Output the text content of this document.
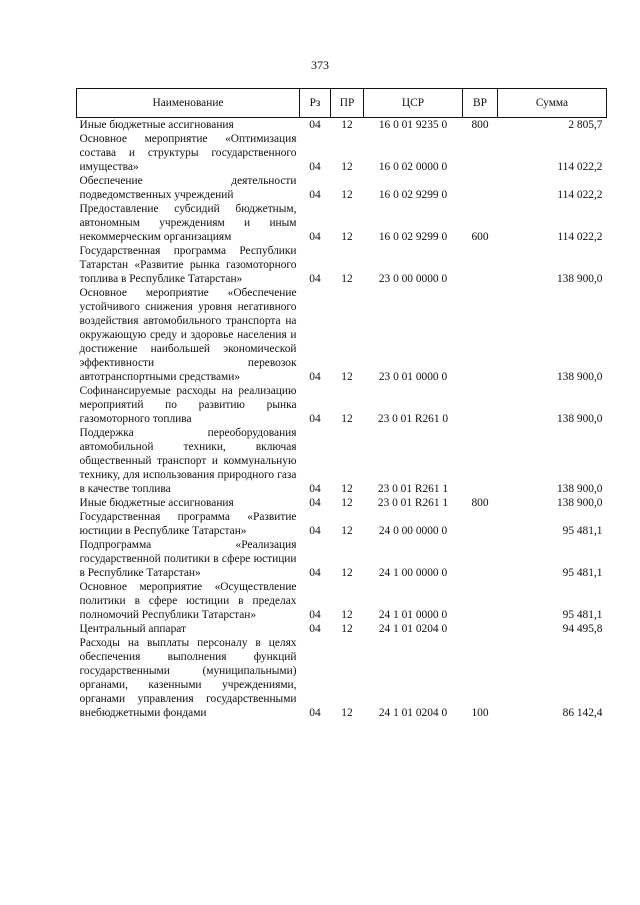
373
Наименование	Рз	ПР	ЦСР	ВР	Сумма
Иные бюджетные ассигнования	04	12	16 0 01 9235 0	800	2 805,7
Основное мероприятие «Оптимизация состава и структуры государственного имущества»	04	12	16 0 02 0000 0		114 022,2
Обеспечение деятельности подведомственных учреждений	04	12	16 0 02 9299 0		114 022,2
Предоставление субсидий бюджетным, автономным учреждениям и иным некоммерческим организациям	04	12	16 0 02 9299 0	600	114 022,2
Государственная программа Республики Татарстан «Развитие рынка газомоторного топлива в Республике Татарстан»	04	12	23 0 00 0000 0		138 900,0
Основное мероприятие «Обеспечение устойчивого снижения уровня негативного воздействия автомобильного транспорта на окружающую среду и здоровье населения и достижение наибольшей экономической эффективности перевозок автотранспортными средствами»	04	12	23 0 01 0000 0		138 900,0
Софинансируемые расходы на реализацию мероприятий по развитию рынка газомоторного топлива	04	12	23 0 01 R261 0		138 900,0
Поддержка переоборудования автомобильной техники, включая общественный транспорт и коммунальную технику, для использования природного газа в качестве топлива	04	12	23 0 01 R261 1		138 900,0
Иные бюджетные ассигнования	04	12	23 0 01 R261 1	800	138 900,0
Государственная программа «Развитие юстиции в Республике Татарстан»	04	12	24 0 00 0000 0		95 481,1
Подпрограмма «Реализация государственной политики в сфере юстиции в Республике Татарстан»	04	12	24 1 00 0000 0		95 481,1
Основное мероприятие «Осуществление политики в сфере юстиции в пределах полномочий Республики Татарстан»	04	12	24 1 01 0000 0		95 481,1
Центральный аппарат	04	12	24 1 01 0204 0		94 495,8
Расходы на выплаты персоналу в целях обеспечения выполнения функций государственными (муниципальными) органами, казенными учреждениями, органами управления государственными внебюджетными фондами	04	12	24 1 01 0204 0	100	86 142,4
